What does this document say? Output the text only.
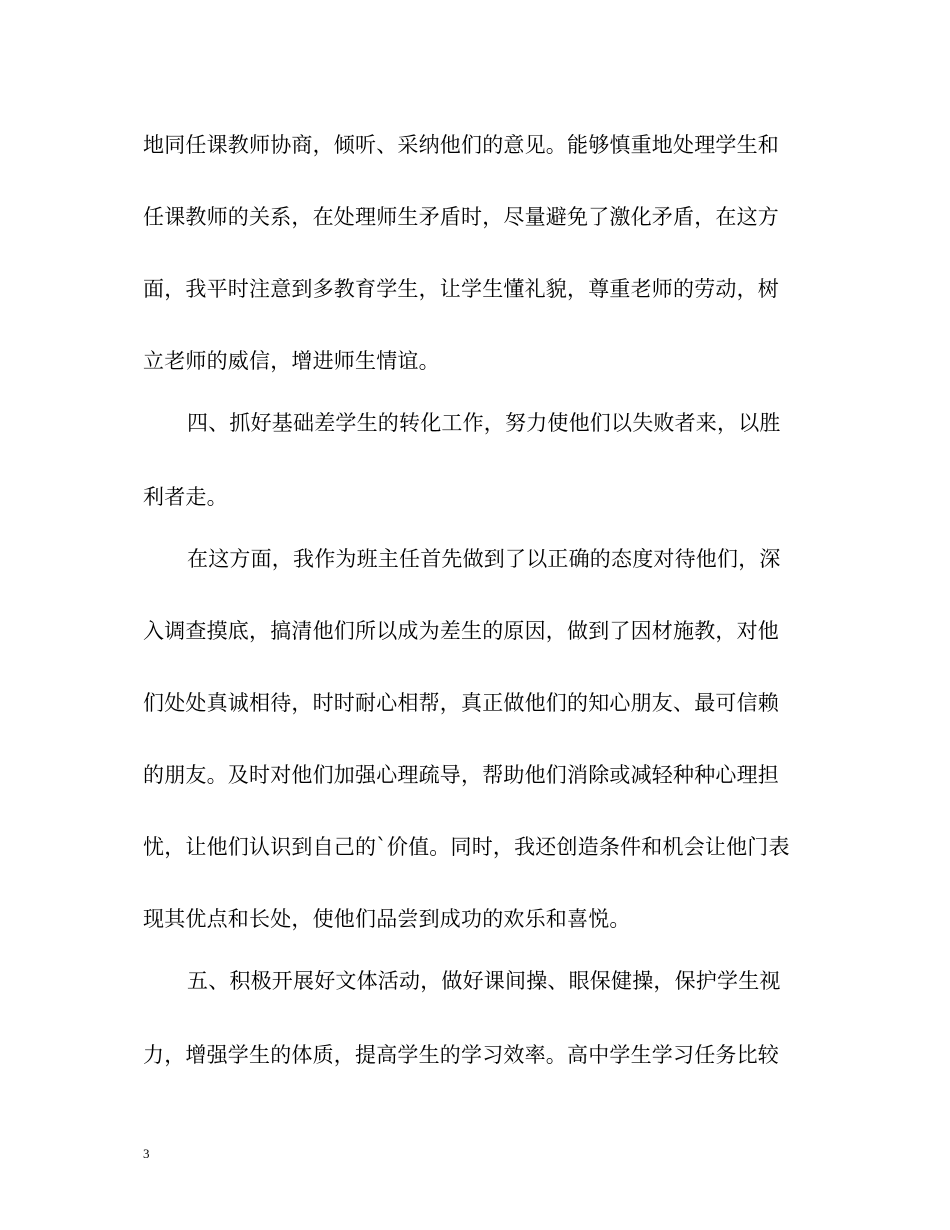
地同任课教师协商，倾听、采纳他们的意见。能够慎重地处理学生和
任课教师的关系，在处理师生矛盾时，尽量避免了激化矛盾，在这方
面，我平时注意到多教育学生，让学生懂礼貌，尊重老师的劳动，树
立老师的威信，增进师生情谊。
四、抓好基础差学生的转化工作，努力使他们以失败者来，以胜
利者走。
在这方面，我作为班主任首先做到了以正确的态度对待他们，深
入调查摸底，搞清他们所以成为差生的原因，做到了因材施教，对他
们处处真诚相待，时时耐心相帮，真正做他们的知心朋友、最可信赖
的朋友。及时对他们加强心理疏导，帮助他们消除或减轻种种心理担
忧，让他们认识到自己的`价值。同时，我还创造条件和机会让他门表
现其优点和长处，使他们品尝到成功的欢乐和喜悦。
五、积极开展好文体活动，做好课间操、眼保健操，保护学生视
力，增强学生的体质，提高学生的学习效率。高中学生学习任务比较
3
